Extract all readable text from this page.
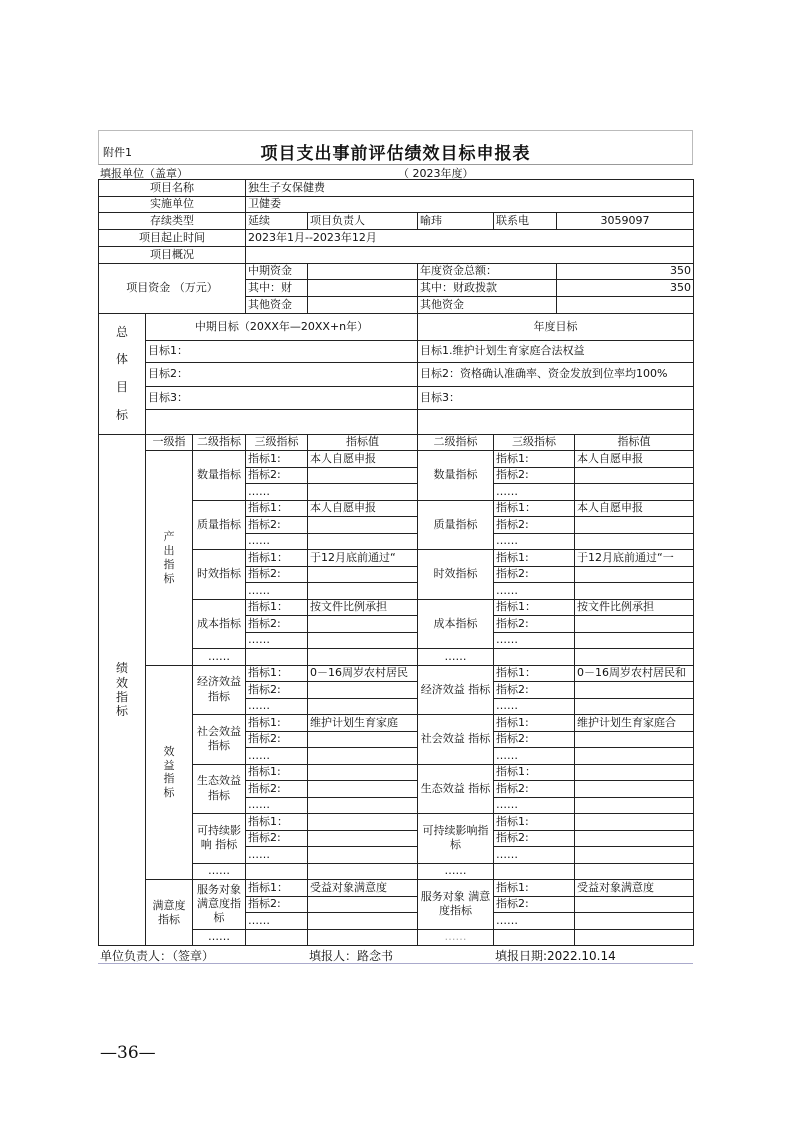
附件1	项目支出事前评估绩效目标申报表
填报单位（盖章）	（ 2023年度）
项目名称	独生子女保健费				
实施单位	卫健委				
存续类型	延续	项目负责人	喻玮	联系电	3059097
项目起止时间	2023年1月--2023年12月				
项目概况					
项目资金 （万元）	中期资金		年度资金总额：		350
	其中：财		其中：财政拨款		350
	其他资金		其他资金		
总体目标	中期目标（20XX年—20XX+n年）	年度目标
	目标1：	目标1.维护计划生育家庭合法权益
	目标2：	目标2：资格确认准确率、资金发放到位率均100%
	目标3：	目标3：

绩效指标	一级指	二级指标	三级指标	指标值	二级指标	三级指标	指标值
	产出指标	数量指标	指标1:	本人自愿申报	数量指标	指标1:	本人自愿申报
			指标2:			指标2:	
			……			……	
		质量指标	指标1：	本人自愿申报	质量指标	指标1：	本人自愿申报
			指标2:			指标2:	
			……			……	
		时效指标	指标1：	于12月底前通过“	时效指标	指标1:	于12月底前通过“一
			指标2:			指标2:	
			……			……	
		成本指标	指标1：	按文件比例承担	成本指标	指标1：	按文件比例承担
			指标2:			指标2:	
			……			……	
		……			……		
	效益指标	经济效益指标	指标1：	0－16周岁农村居民	经济效益 指标	指标1：	0－16周岁农村居民和
			指标2:			指标2:	
			……			……	
		社会效益指标	指标1:	维护计划生育家庭	社会效益 指标	指标1:	维护计划生育家庭合
			指标2:			指标2:	
			……			……	
		生态效益指标	指标1:		生态效益 指标	指标1：	
			指标2:			指标2:	
			……			……	
		可持续影响 指标	指标1：		可持续影响指标	指标1:	
			指标2:			指标2:	
			……			……	
		……			……		
	满意度指标	服务对象满意度指标	指标1：	受益对象满意度	服务对象 满意度指标	指标1:	受益对象满意度
			指标2:			指标2:	
			……			……	
		……			……		
单位负责人：（签章）	填报人：路念书	填报日期:2022.10.14
—36—
